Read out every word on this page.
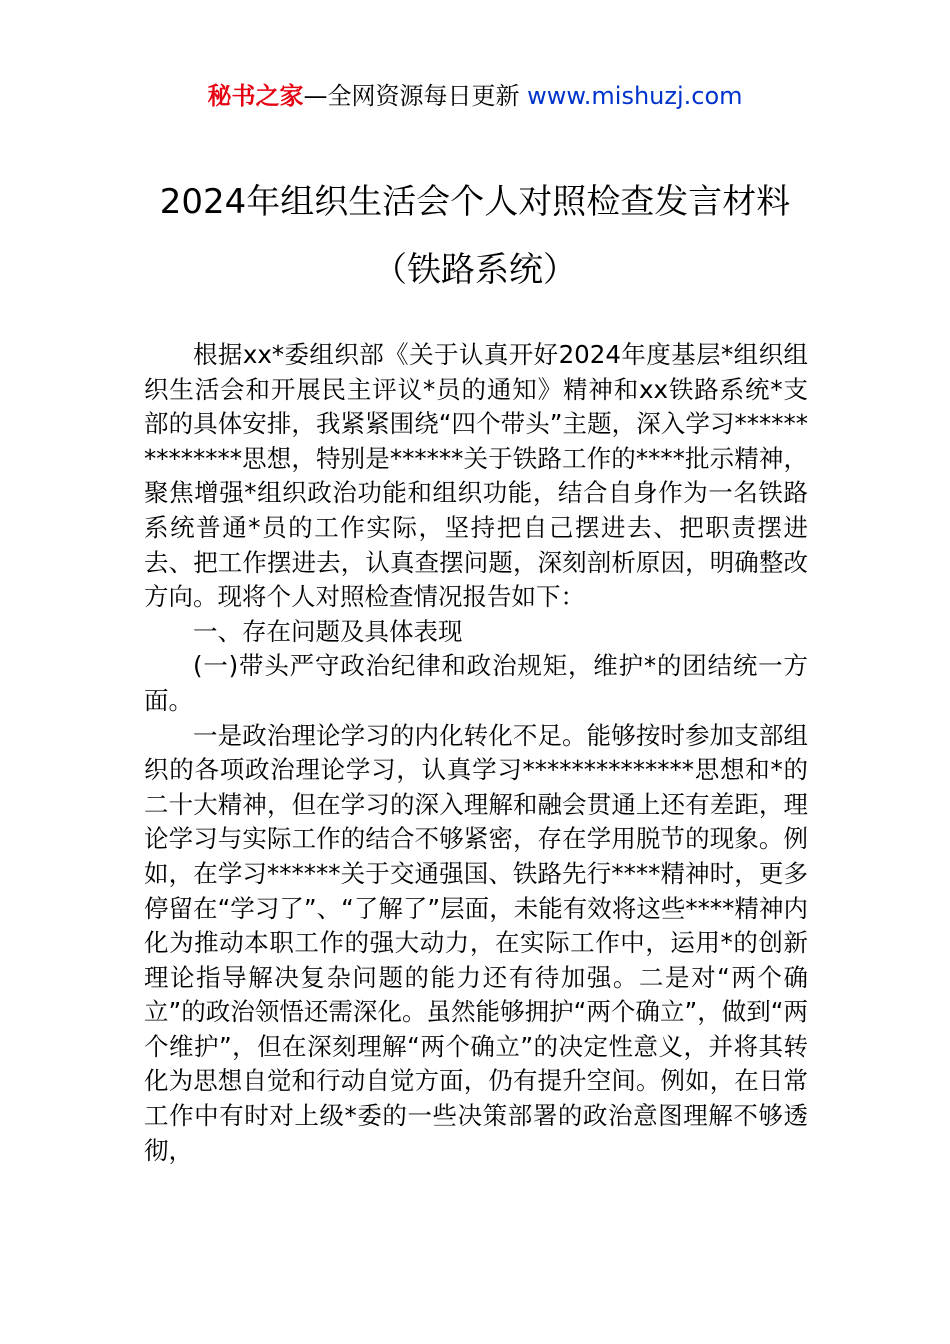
秘书之家—全网资源每日更新 www.mishuzj.com
2024年组织生活会个人对照检查发言材料
（铁路系统）

根据xx*委组织部《关于认真开好2024年度基层*组织组织生活会和开展民主评议*员的通知》精神和xx铁路系统*支部的具体安排，我紧紧围绕“四个带头”主题，深入学习**************思想，特别是******关于铁路工作的****批示精神，聚焦增强*组织政治功能和组织功能，结合自身作为一名铁路系统普通*员的工作实际，坚持把自己摆进去、把职责摆进去、把工作摆进去，认真查摆问题，深刻剖析原因，明确整改方向。现将个人对照检查情况报告如下：

一、存在问题及具体表现

(一)带头严守政治纪律和政治规矩，维护*的团结统一方面。

一是政治理论学习的内化转化不足。能够按时参加支部组织的各项政治理论学习，认真学习**************思想和*的二十大精神，但在学习的深入理解和融会贯通上还有差距，理论学习与实际工作的结合不够紧密，存在学用脱节的现象。例如，在学习******关于交通强国、铁路先行****精神时，更多停留在“学习了”、“了解了”层面，未能有效将这些****精神内化为推动本职工作的强大动力，在实际工作中，运用*的创新理论指导解决复杂问题的能力还有待加强。二是对“两个确立”的政治领悟还需深化。虽然能够拥护“两个确立”，做到“两个维护”，但在深刻理解“两个确立”的决定性意义，并将其转化为思想自觉和行动自觉方面，仍有提升空间。例如，在日常工作中有时对上级*委的一些决策部署的政治意图理解不够透彻，
